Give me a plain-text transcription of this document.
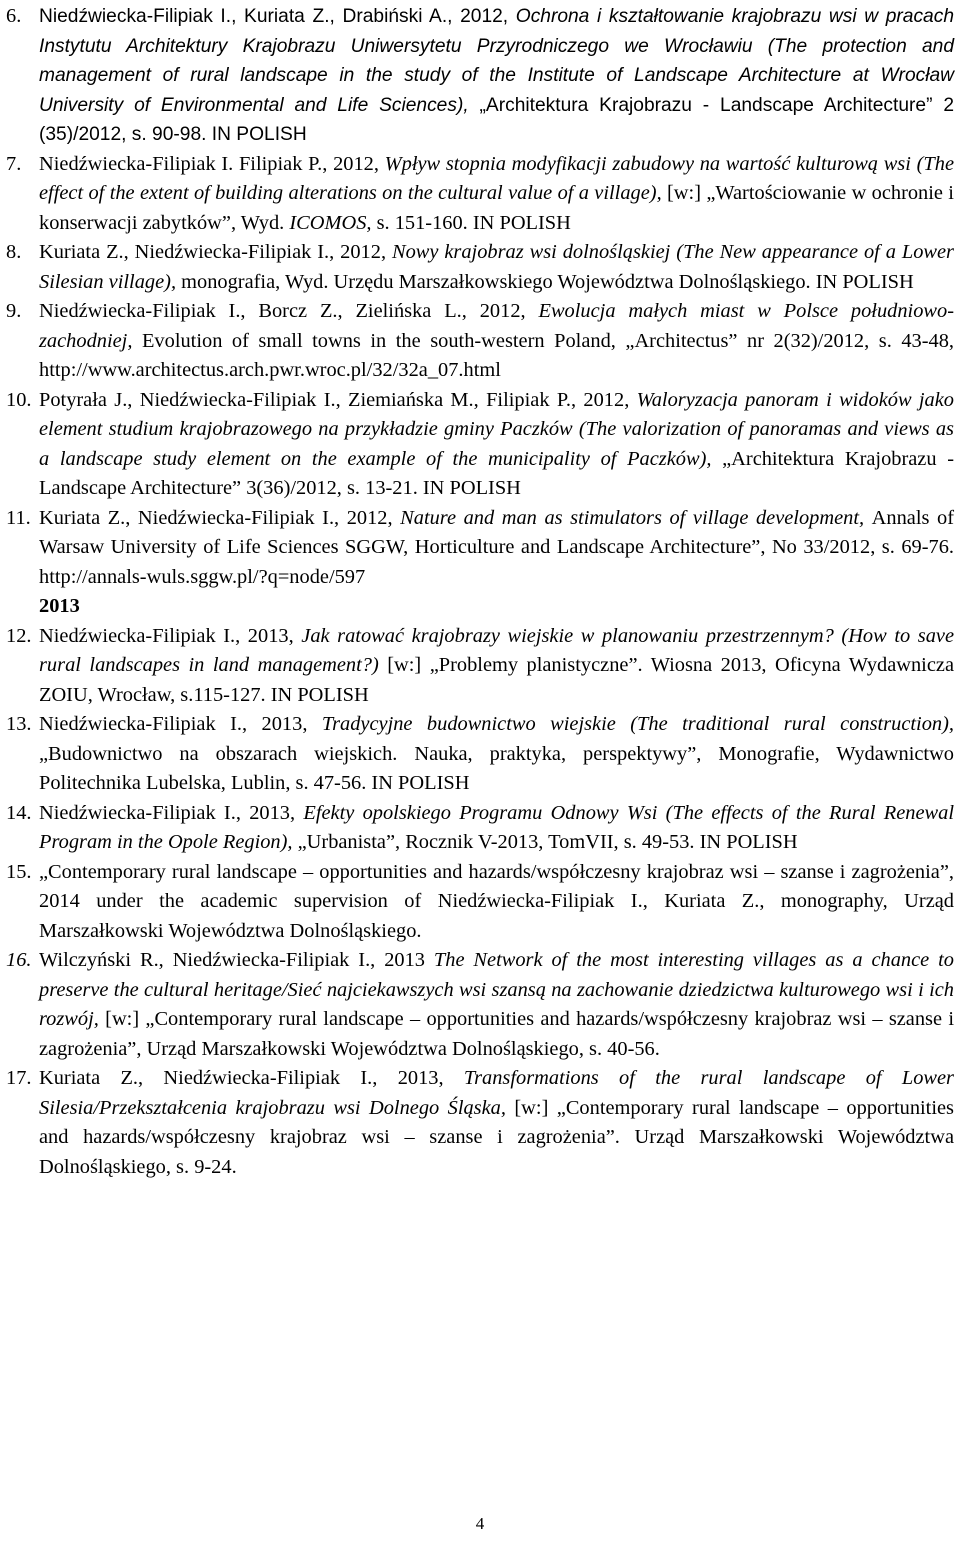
6. Niedźwiecka-Filipiak I., Kuriata Z., Drabiński A., 2012, Ochrona i kształtowanie krajobrazu wsi w pracach Instytutu Architektury Krajobrazu Uniwersytetu Przyrodniczego we Wrocławiu (The protection and management of rural landscape in the study of the Institute of Landscape Architecture at Wrocław University of Environmental and Life Sciences), „Architektura Krajobrazu - Landscape Architecture” 2 (35)/2012, s. 90-98. IN POLISH
7. Niedźwiecka-Filipiak I. Filipiak P., 2012, Wpływ stopnia modyfikacji zabudowy na wartość kulturową wsi (The effect of the extent of building alterations on the cultural value of a village), [w:] „Wartościowanie w ochronie i konserwacji zabytków”, Wyd. ICOMOS, s. 151-160. IN POLISH
8. Kuriata Z., Niedźwiecka-Filipiak I., 2012, Nowy krajobraz wsi dolnośląskiej (The New appearance of a Lower Silesian village), monografia, Wyd. Urzędu Marszałkowskiego Województwa Dolnośląskiego. IN POLISH
9. Niedźwiecka-Filipiak I., Borcz Z., Zielińska L., 2012, Ewolucja małych miast w Polsce południowo-zachodniej, Evolution of small towns in the south-western Poland, „Architectus” nr 2(32)/2012, s. 43-48, http://www.architectus.arch.pwr.wroc.pl/32/32a_07.html
10. Potyrała J., Niedźwiecka-Filipiak I., Ziemiańska M., Filipiak P., 2012, Waloryzacja panoram i widoków jako element studium krajobrazowego na przykładzie gminy Paczków (The valorization of panoramas and views as a landscape study element on the example of the municipality of Paczków), „Architektura Krajobrazu - Landscape Architecture” 3(36)/2012, s. 13-21. IN POLISH
11. Kuriata Z., Niedźwiecka-Filipiak I., 2012, Nature and man as stimulators of village development, Annals of Warsaw University of Life Sciences SGGW, Horticulture and Landscape Architecture”, No 33/2012, s. 69-76. http://annals-wuls.sggw.pl/?q=node/597
2013
12. Niedźwiecka-Filipiak I., 2013, Jak ratować krajobrazy wiejskie w planowaniu przestrzennym? (How to save rural landscapes in land management?) [w:] „Problemy planistyczne”. Wiosna 2013, Oficyna Wydawnicza ZOIU, Wrocław, s.115-127. IN POLISH
13. Niedźwiecka-Filipiak I., 2013, Tradycyjne budownictwo wiejskie (The traditional rural construction), „Budownictwo na obszarach wiejskich. Nauka, praktyka, perspektywy”, Monografie, Wydawnictwo Politechnika Lubelska, Lublin, s. 47-56. IN POLISH
14. Niedźwiecka-Filipiak I., 2013, Efekty opolskiego Programu Odnowy Wsi (The effects of the Rural Renewal Program in the Opole Region), „Urbanista”, Rocznik V-2013, TomVII, s. 49-53. IN POLISH
15. „Contemporary rural landscape – opportunities and hazards/współczesny krajobraz wsi – szanse i zagrożenia”, 2014 under the academic supervision of Niedźwiecka-Filipiak I., Kuriata Z., monography, Urząd Marszałkowski Województwa Dolnośląskiego.
16. Wilczyński R., Niedźwiecka-Filipiak I., 2013 The Network of the most interesting villages as a chance to preserve the cultural heritage/Sieć najciekawszych wsi szansą na zachowanie dziedzictwa kulturowego wsi i ich rozwój, [w:] „Contemporary rural landscape – opportunities and hazards/współczesny krajobraz wsi – szanse i zagrożenia”, Urząd Marszałkowski Województwa Dolnośląskiego, s. 40-56.
17. Kuriata Z., Niedźwiecka-Filipiak I., 2013, Transformations of the rural landscape of Lower Silesia/Przekształcenia krajobrazu wsi Dolnego Śląska, [w:] „Contemporary rural landscape – opportunities and hazards/współczesny krajobraz wsi – szanse i zagrożenia”. Urząd Marszałkowski Województwa Dolnośląskiego, s. 9-24.
4
